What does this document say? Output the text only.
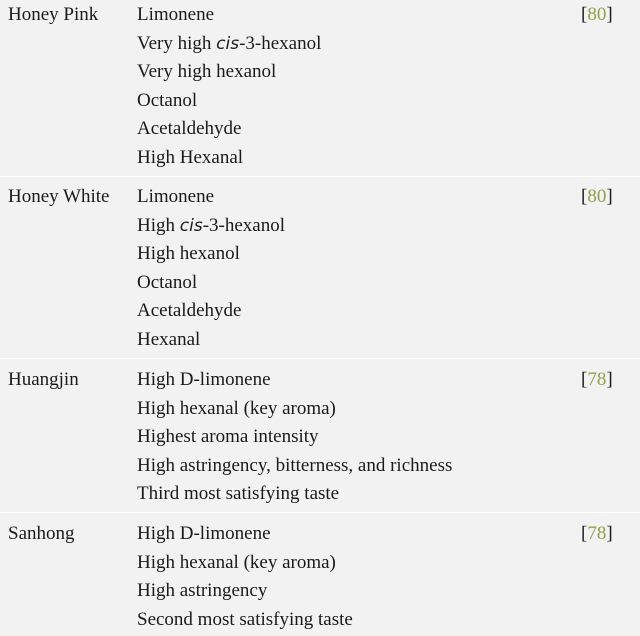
Honey Pink Limonene
Very high cis-3-hexanol
Very high hexanol
Octanol
Acetaldehyde
High Hexanal
[80]
Honey White Limonene
High cis-3-hexanol
High hexanol
Octanol
Acetaldehyde
Hexanal
[80]
Huangjin	High D-limonene
High hexanal (key aroma)
Highest aroma intensity
High astringency, bitterness, and richness
Third most satisfying taste
[78]
Sanhong	High D-limonene
High hexanal (key aroma)
High astringency
Second most satisfying taste
[78]
